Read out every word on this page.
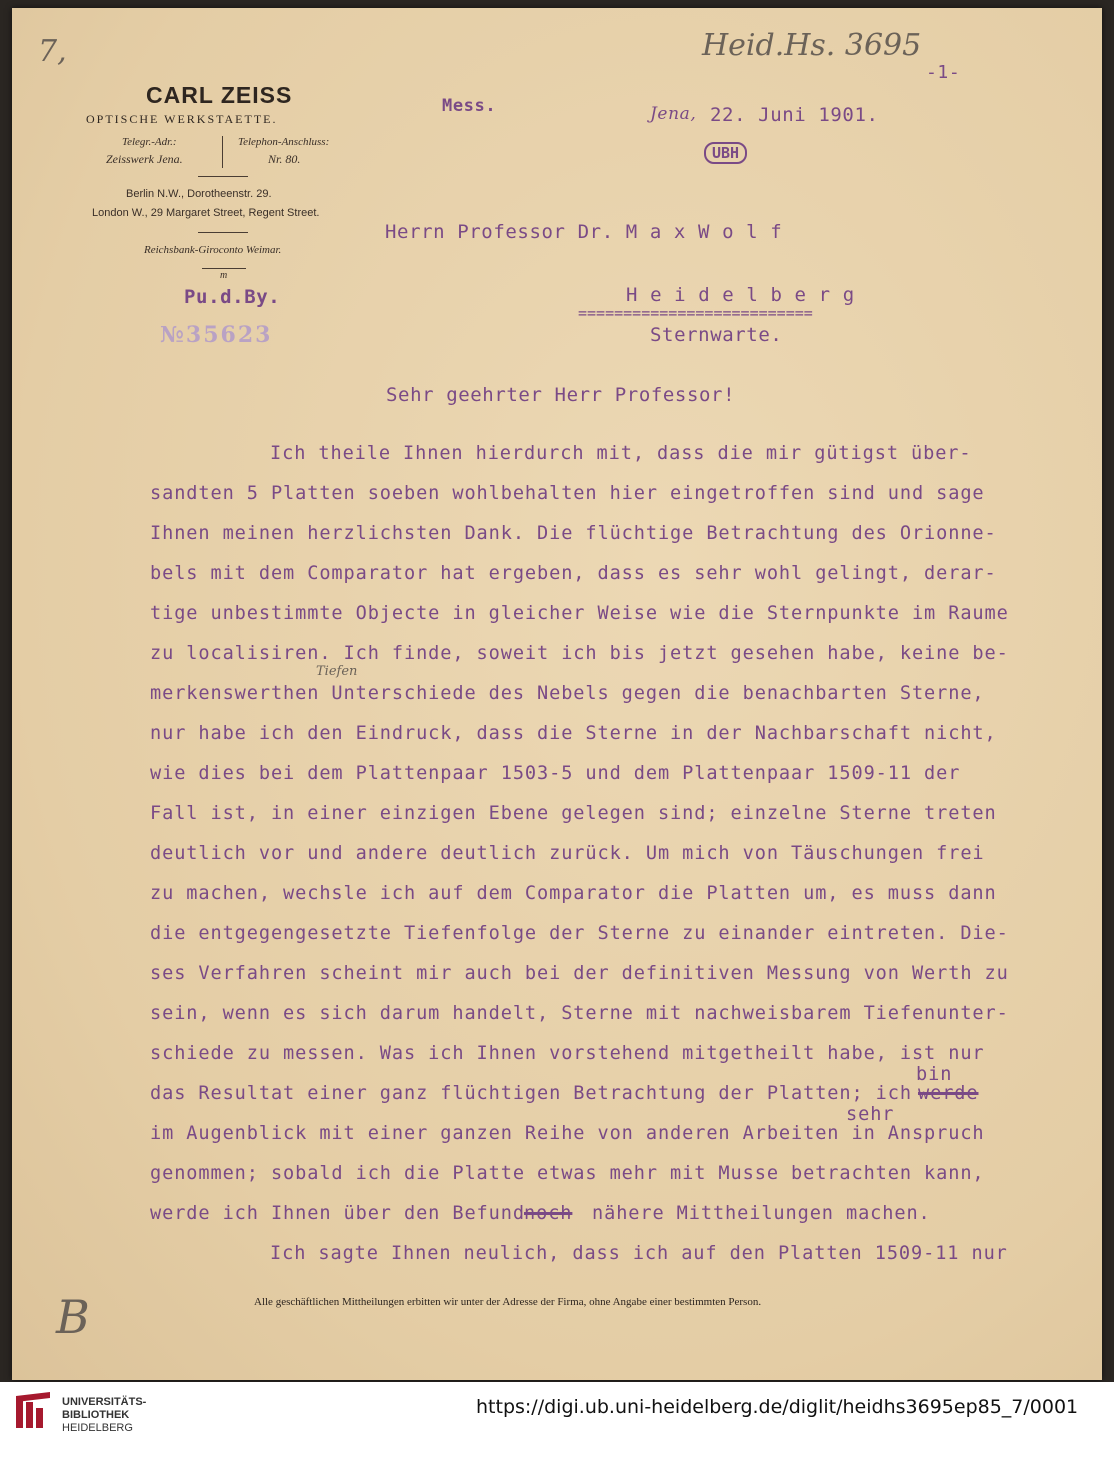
7,	Heid.Hs. 3695
-1-
CARL ZEISS
OPTISCHE WERKSTAETTE.
Telegr.-Adr.:
Zeisswerk Jena.
Telephon-Anschluss:
Nr. 80.
Berlin N.W., Dorotheenstr. 29.
London W., 29 Margaret Street, Regent Street.
Reichsbank-Giroconto Weimar.
m
Mess.
Pu.d.By.
№35623
Jena, 22. Juni 1901.
UBH
Herrn Professor Dr. M a x W o l f
H e i d e l b e r g
==========================
Sternwarte.
Sehr geehrter Herr Professor!
Ich theile Ihnen hierdurch mit, dass die mir gütigst über-
sandten 5 Platten soeben wohlbehalten hier eingetroffen sind und sage
Ihnen meinen herzlichsten Dank. Die flüchtige Betrachtung des Orionne-
bels mit dem Comparator hat ergeben, dass es sehr wohl gelingt, derar-
tige unbestimmte Objecte in gleicher Weise wie die Sternpunkte im Raume
zu localisiren. Ich finde, soweit ich bis jetzt gesehen habe, keine be-
Tiefen
merkenswerthen Unterschiede des Nebels gegen die benachbarten Sterne,
nur habe ich den Eindruck, dass die Sterne in der Nachbarschaft nicht,
wie dies bei dem Plattenpaar 1503-5 und dem Plattenpaar 1509-11 der
Fall ist, in einer einzigen Ebene gelegen sind; einzelne Sterne treten
deutlich vor und andere deutlich zurück. Um mich von Täuschungen frei
zu machen, wechsle ich auf dem Comparator die Platten um, es muss dann
die entgegengesetzte Tiefenfolge der Sterne zu einander eintreten. Die-
ses Verfahren scheint mir auch bei der definitiven Messung von Werth zu
sein, wenn es sich darum handelt, Sterne mit nachweisbarem Tiefenunter-
schiede zu messen. Was ich Ihnen vorstehend mitgetheilt habe, ist nur
bin
das Resultat einer ganz flüchtigen Betrachtung der Platten; ich werde
sehr
im Augenblick mit einer ganzen Reihe von anderen Arbeiten in Anspruch
genommen; sobald ich die Platte etwas mehr mit Musse betrachten kann,
werde ich Ihnen über den Befund noch nähere Mittheilungen machen.
Ich sagte Ihnen neulich, dass ich auf den Platten 1509-11 nur
B	Alle geschäftlichen Mittheilungen erbitten wir unter der Adresse der Firma, ohne Angabe einer bestimmten Person.
UNIVERSITÄTS-
BIBLIOTHEK
HEIDELBERG
https://digi.ub.uni-heidelberg.de/diglit/heidhs3695ep85_7/0001
